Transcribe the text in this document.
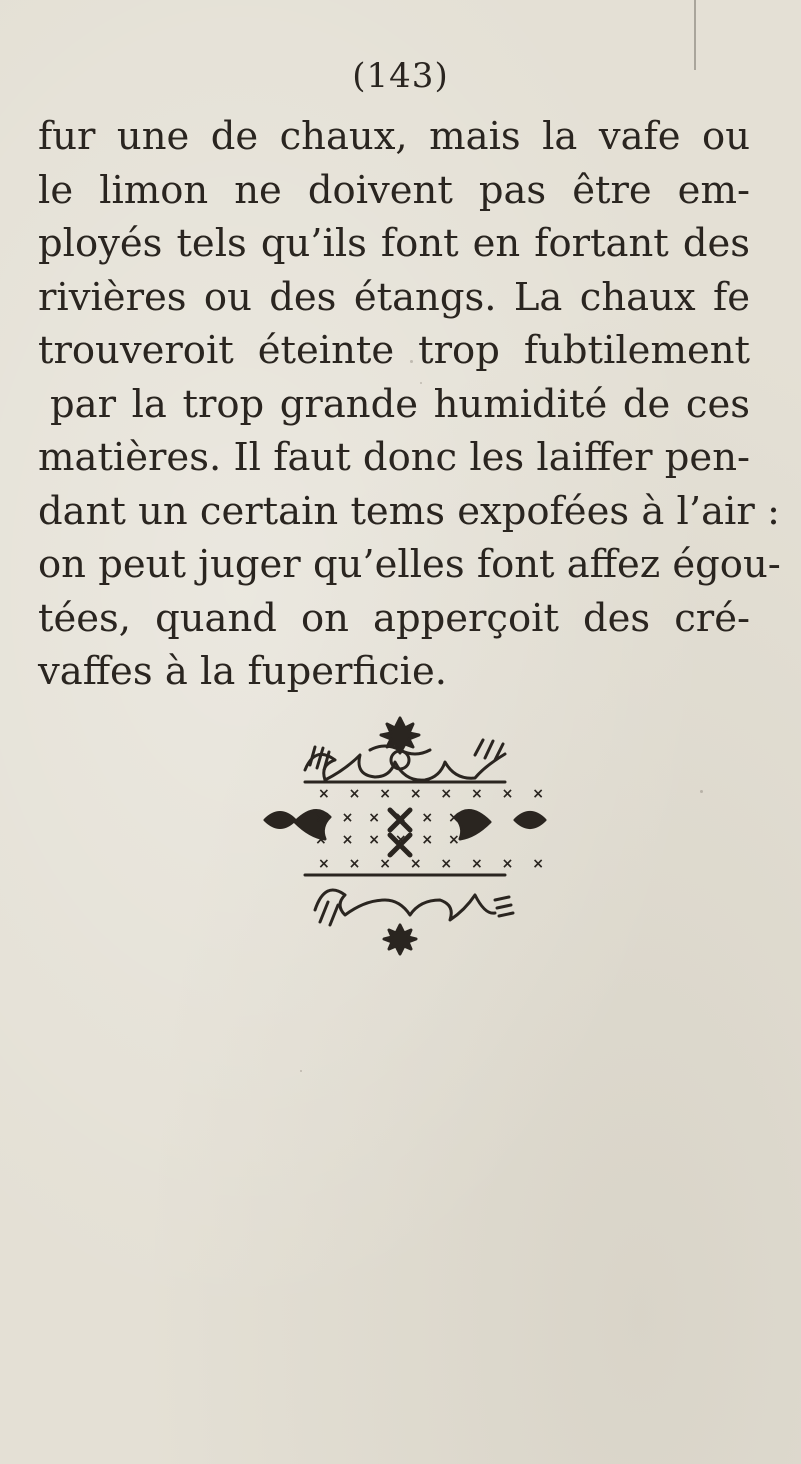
(143)
fur une de chaux, mais la vafe ou
le limon ne doivent pas être em-
ployés tels qu’ils font en fortant des
rivières ou des étangs. La chaux fe
trouveroit éteinte trop fubtilement
par la trop grande humidité de ces
matières. Il faut donc les laiffer pen-
dant un certain tems expofées à l’air :
on peut juger qu’elles font affez égou-
tées, quand on apperçoit des cré-
vaffes à la fuperficie.
× × × × × × × ×
× × × × × ×
× × × × × ×
× × × × × × × ×
